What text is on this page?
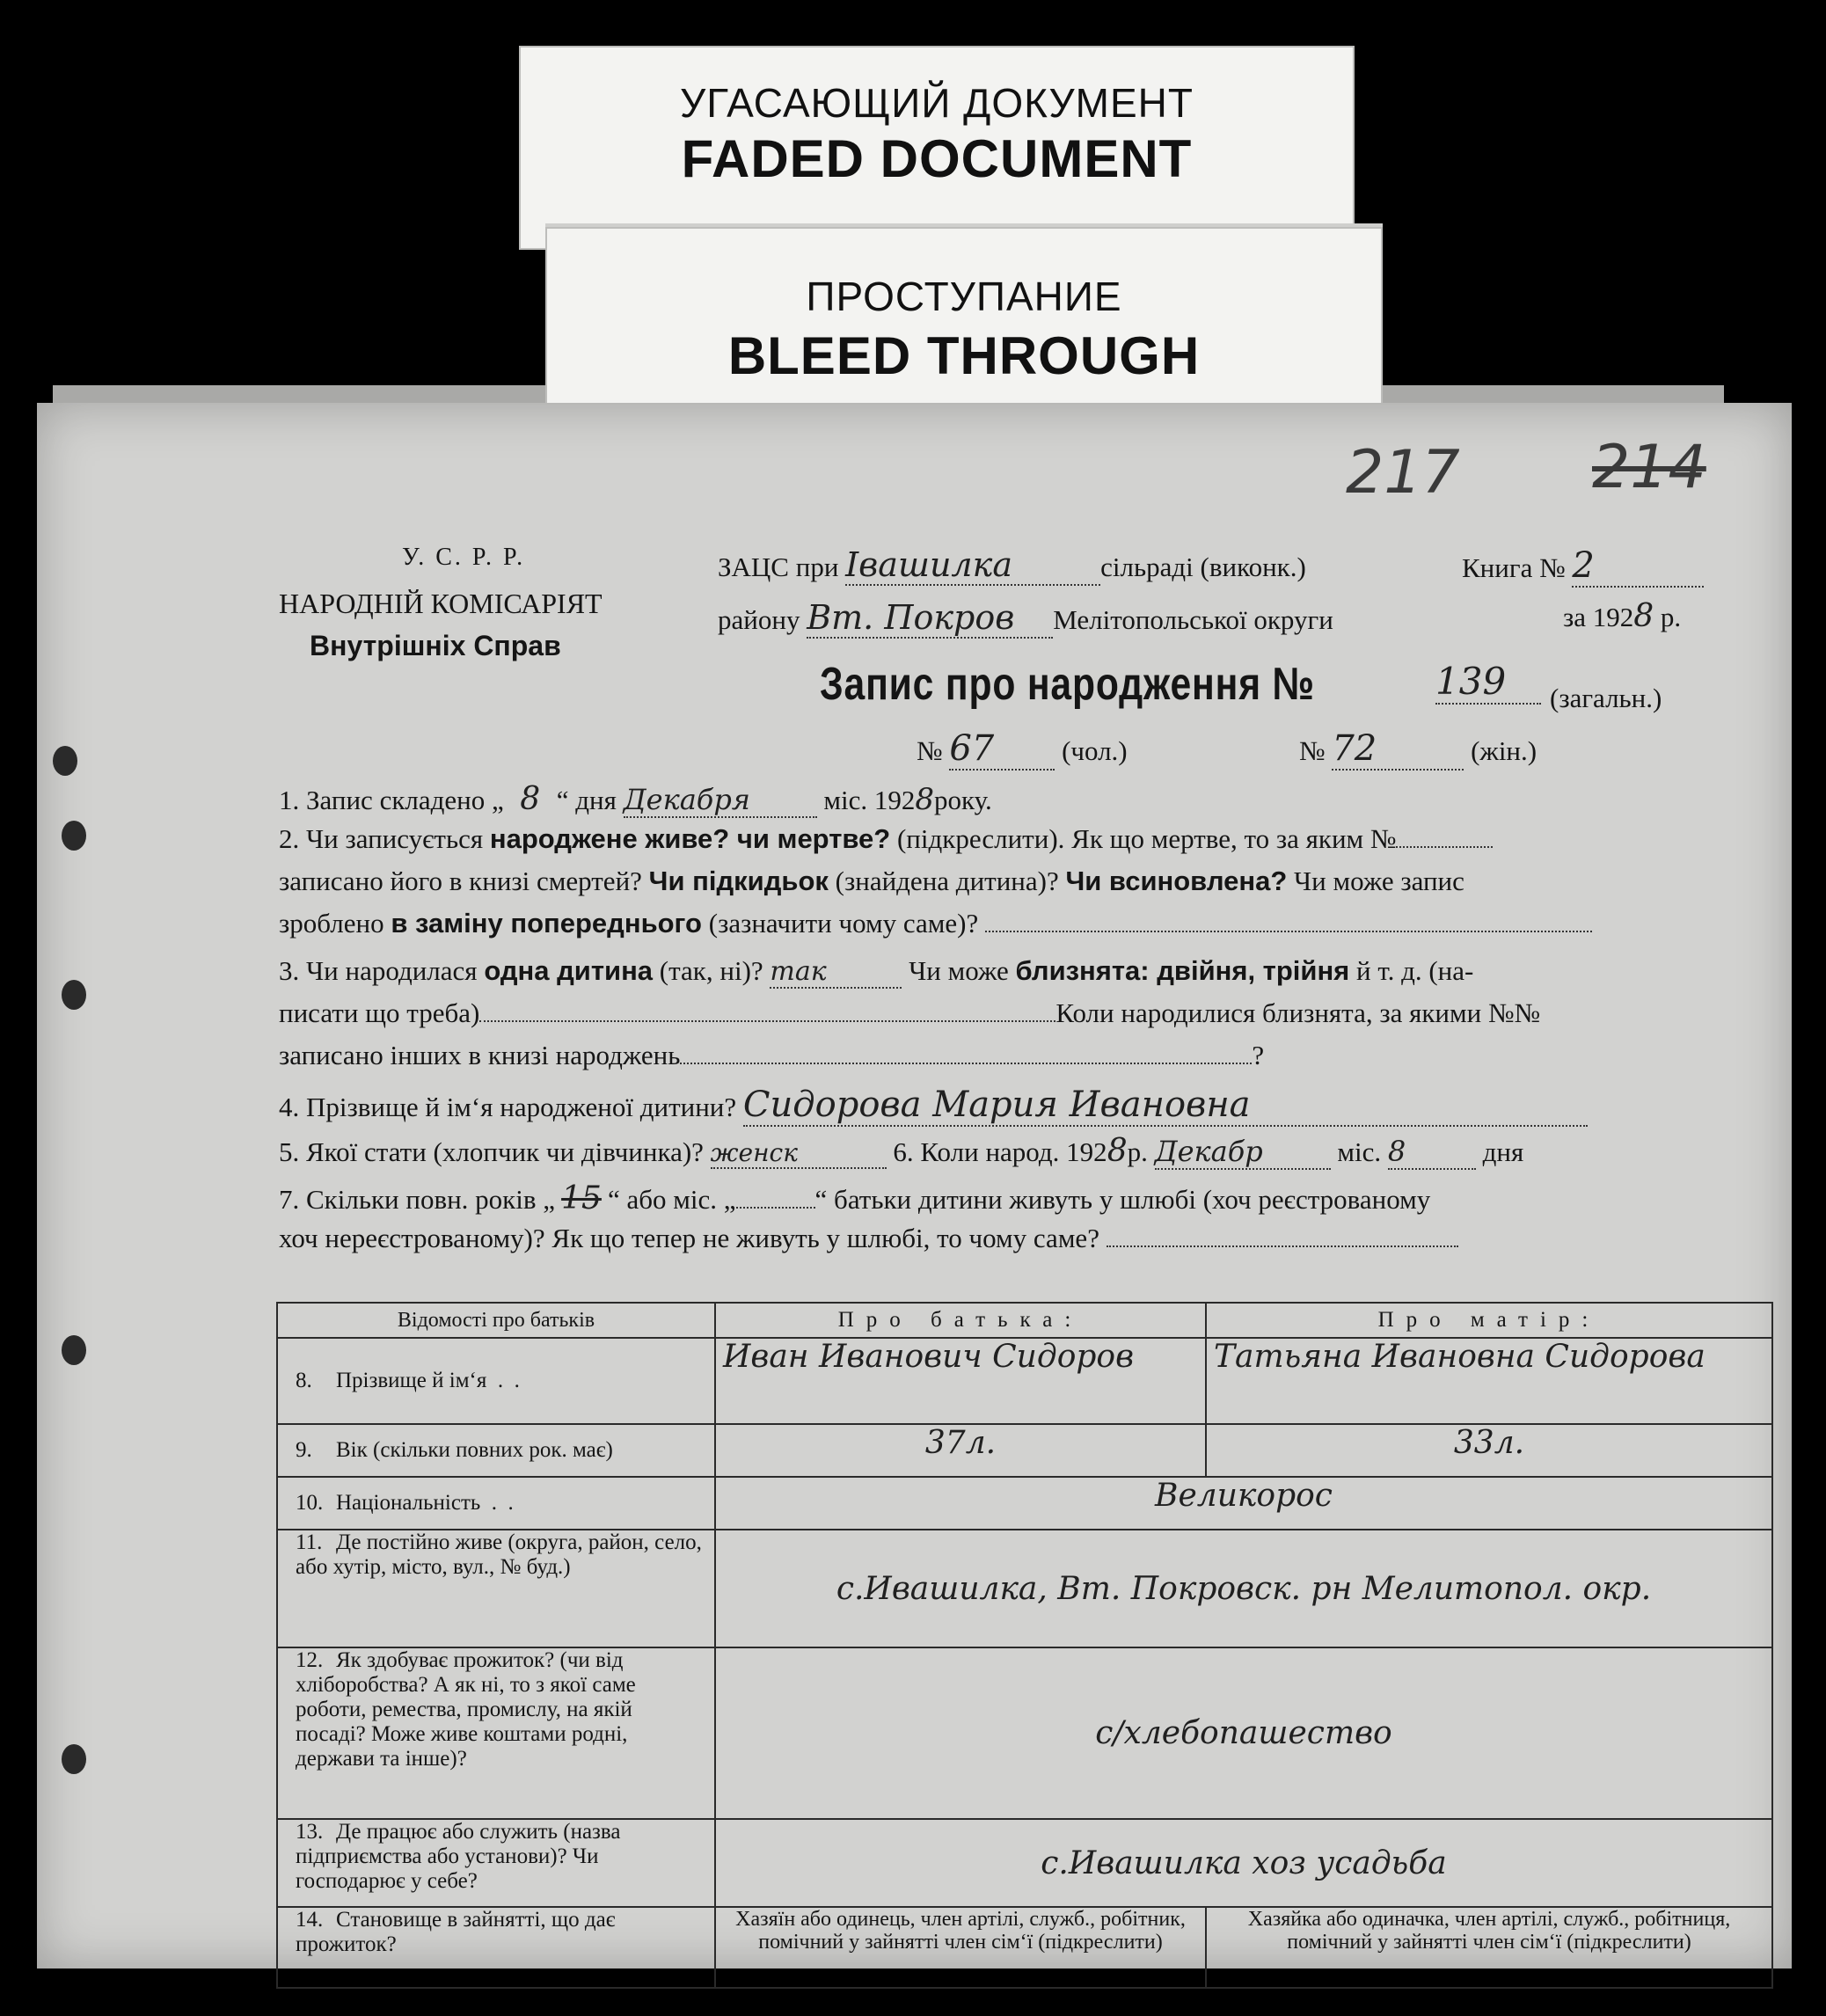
УГАСАЮЩИЙ ДОКУМЕНТ
FADED DOCUMENT
ПРОСТУПАНИЕ
BLEED THROUGH
217 214
У. С. Р. Р.
НАРОДНІЙ КОМІСАРІЯТ
Внутрішніх Справ
ЗАЦС при Івашилка	сільраді (виконк.)	Книга № 2
району Вт. Покров Мелітопольської округи	за 1928 р.
Запис про народження №	139	(загальн.)
№ 67 (чол.)	№ 72	(жін.)
1. Запис складено „ 8 “ дня Декабря	міс. 1928року.
2. Чи записується народжене живе? чи мертве? (підкреслити). Як що мертве, то за яким №
записано його в книзі смертей? Чи підкидьок (знайдена дитина)? Чи всиновлена? Чи може запис
зроблено в заміну попереднього (зазначити чому саме)?
3. Чи народилася одна дитина (так, ні)? так	Чи може близнята: двійня, трійня й т. д. (на-
писати що треба)	Коли народилися близнята, за якими №№
записано інших в книзі народжень	?
4. Прізвище й ім‘я народженої дитини? Сидорова Мария Ивановна
5. Якої стати (хлопчик чи дівчинка)? женск	6. Коли народ. 1928р. Декабр	міс. 8	дня
7. Скільки повн. років „ 15 “ або міс. „	“ батьки дитини живуть у шлюбі (хоч реєстрованому
хоч нереєстрованому)? Як що тепер не живуть у шлюбі, то чому саме?
Відомості про батьків	Про батька:	Про матір:
8. Прізвище й ім‘я  .  .	Иван Иванович Сидоров	Татьяна Ивановна Сидорова
9. Вік (скільки повних рок. має)	37л.	33л.
10. Національність  .  .	Великорос	
11. Де постійно живе (округа, район, село, або хутір, місто, вул., № буд.)	с.Ивашилка, Вт. Покровск. рн Мелитопол. окр.	
12. Як здобуває прожиток? (чи від хліборобства? А як ні, то з якої саме роботи, ремества, промислу, на якій посаді? Може живе коштами родні, держави та інше)?	с/хлебопашество	
13. Де працює або служить (назва підприємства або установи)? Чи господарює у себе?	с.Ивашилка хоз усадьба	
14. Становище в зайнятті, що дає прожиток?	Хазяїн або одинець, член артілі, служб., робітник, помічний у зайнятті член сім‘ї (підкреслити)	Хазяйка або одиначка, член артілі, служб., робітниця, помічний у зайнятті член сім‘ї (підкреслити)
